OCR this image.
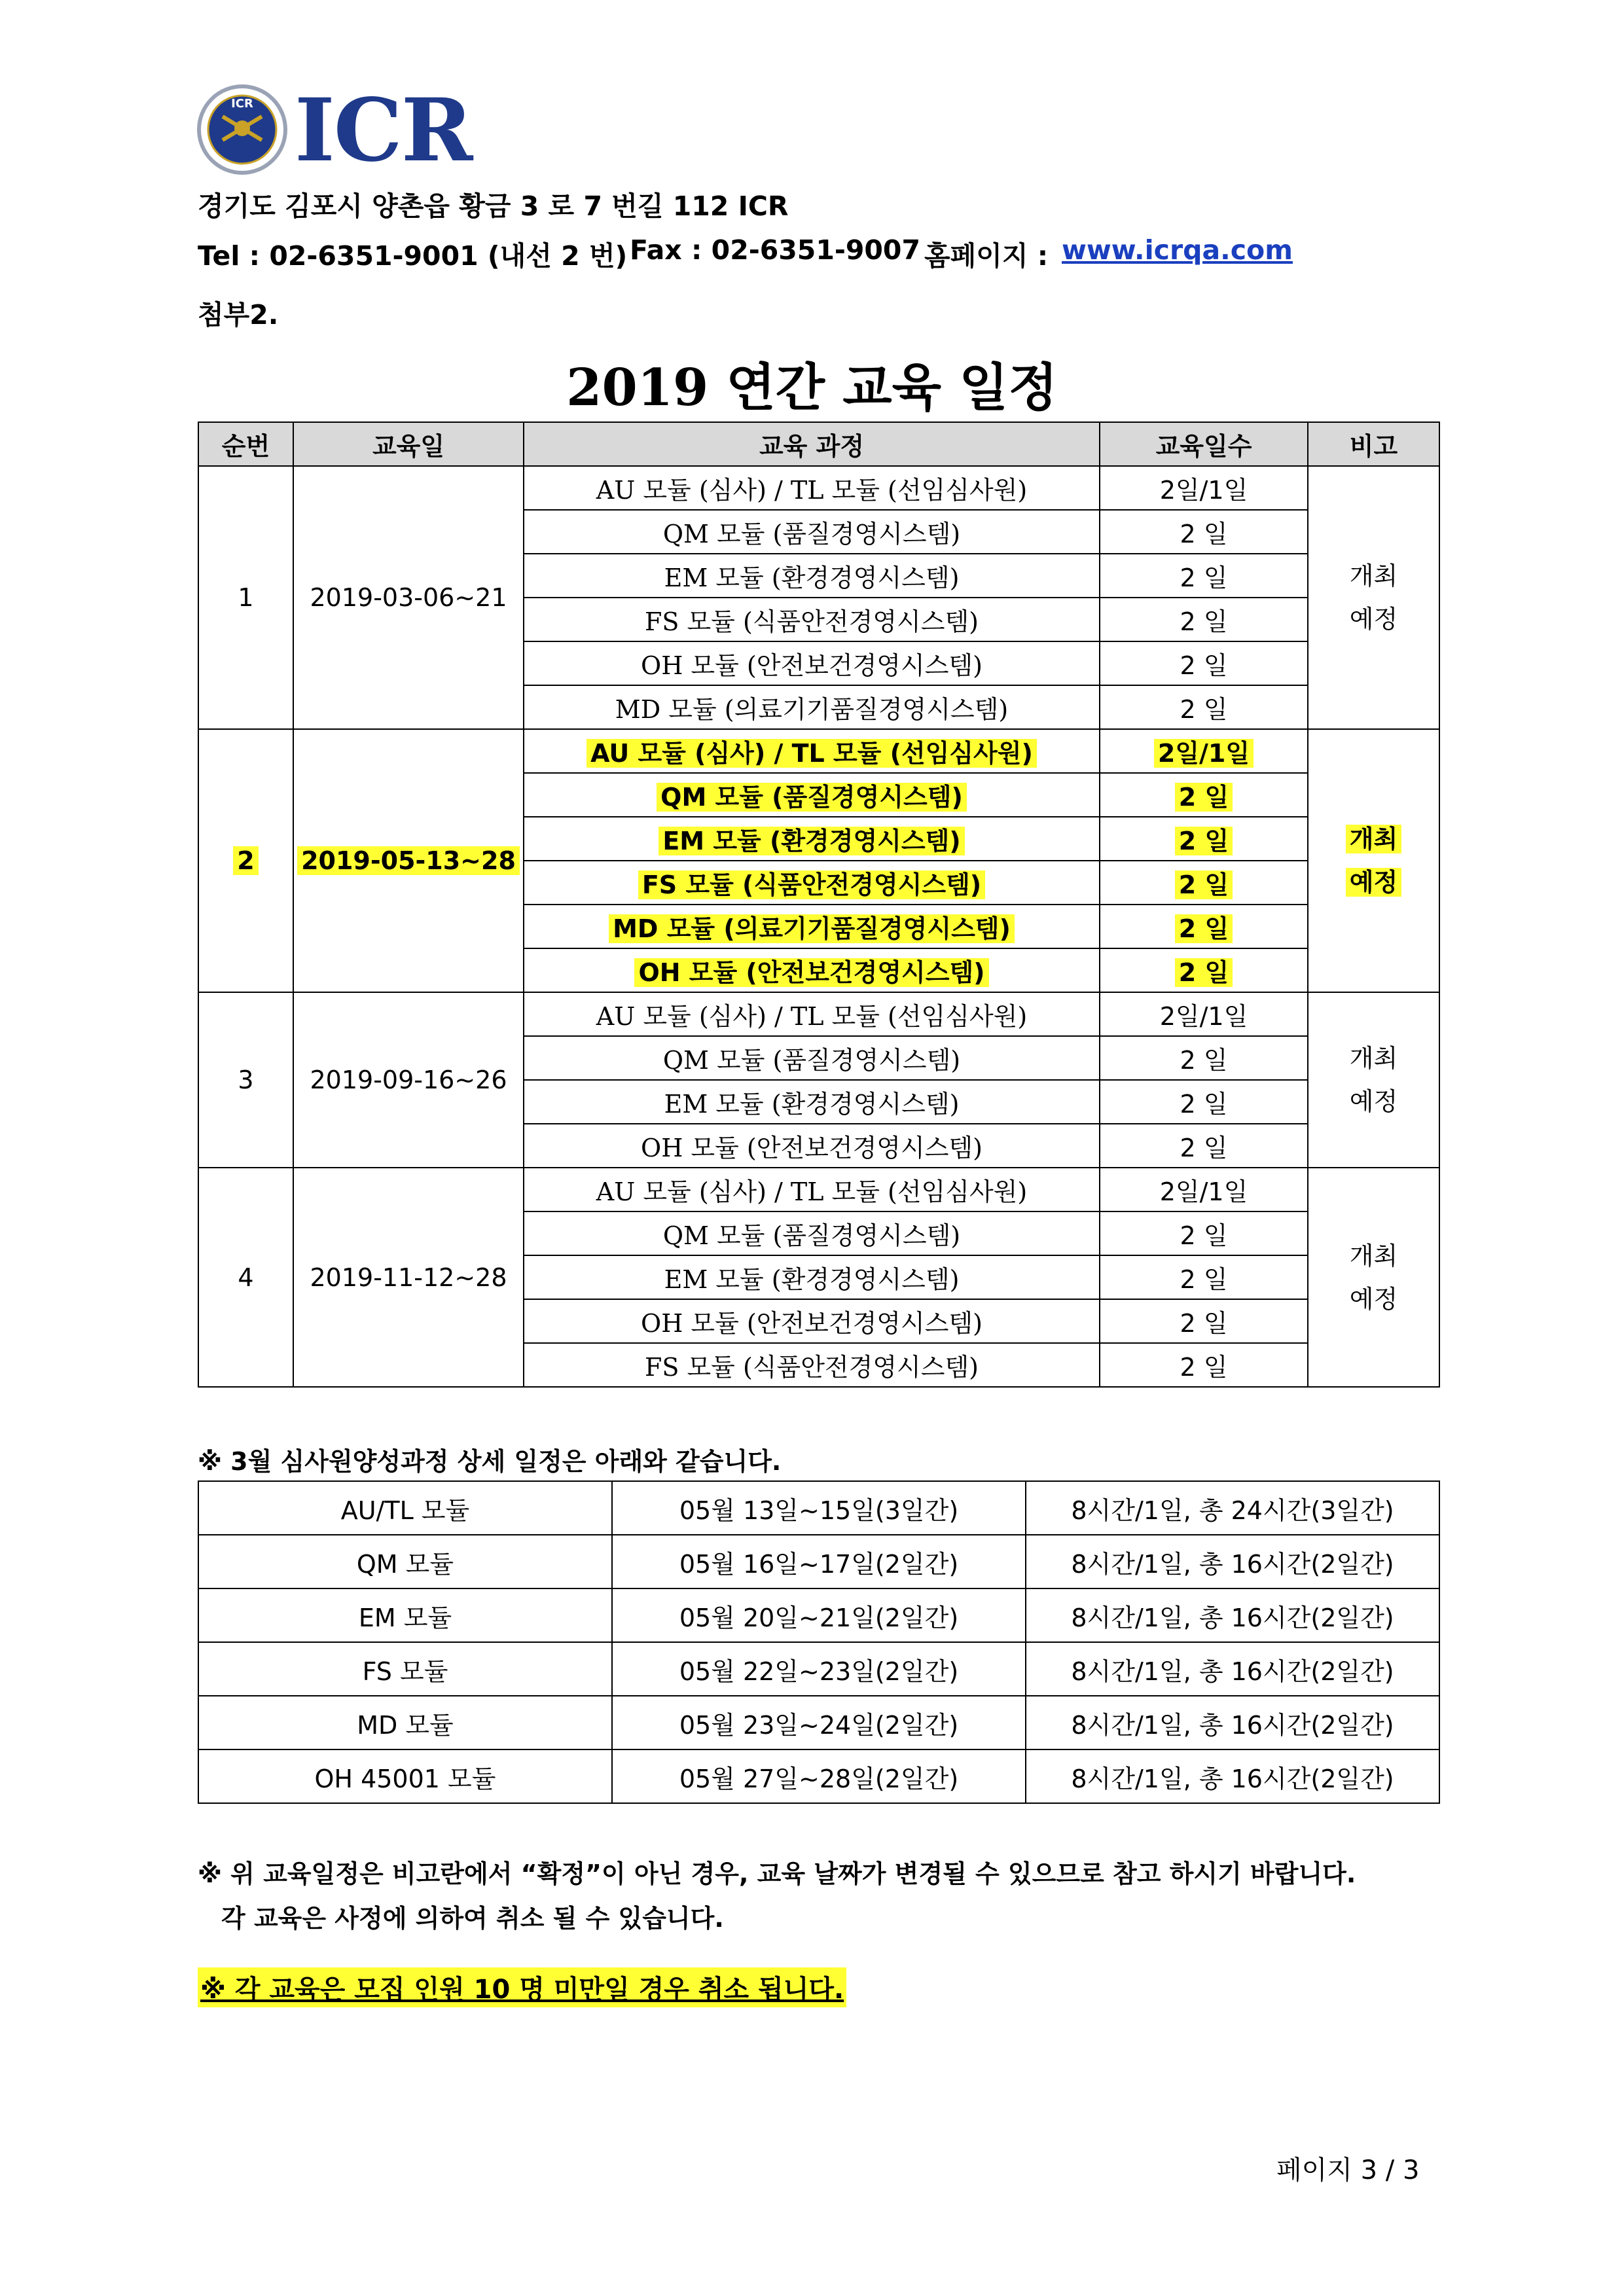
ICR ICR
경기도 김포시 양촌읍 황금 3 로 7 번길 112 ICR
Tel : 02-6351-9001 (내선 2 번) Fax : 02-6351-9007 홈페이지 : www.icrqa.com
첨부2.
2019 연간 교육 일정
순번	교육일	교육 과정	교육일수	비고
1	2019-03-06~21	AU 모듈 (심사) / TL 모듈 (선임심사원)	2일/1일	개최
예정

		QM 모듈 (품질경영시스템)	2 일	
		EM 모듈 (환경경영시스템)	2 일	
		FS 모듈 (식품안전경영시스템)	2 일	
		OH 모듈 (안전보건경영시스템)	2 일	
		MD 모듈 (의료기기품질경영시스템)	2 일	
2	2019-05-13~28	AU 모듈 (심사) / TL 모듈 (선임심사원)	2일/1일	개최
예정

		QM 모듈 (품질경영시스템)	2 일	
		EM 모듈 (환경경영시스템)	2 일	
		FS 모듈 (식품안전경영시스템)	2 일	
		MD 모듈 (의료기기품질경영시스템)	2 일	
		OH 모듈 (안전보건경영시스템)	2 일	
3	2019-09-16~26	AU 모듈 (심사) / TL 모듈 (선임심사원)	2일/1일	개최
예정

		QM 모듈 (품질경영시스템)	2 일	
		EM 모듈 (환경경영시스템)	2 일	
		OH 모듈 (안전보건경영시스템)	2 일	
4	2019-11-12~28	AU 모듈 (심사) / TL 모듈 (선임심사원)	2일/1일	개최
예정

		QM 모듈 (품질경영시스템)	2 일	
		EM 모듈 (환경경영시스템)	2 일	
		OH 모듈 (안전보건경영시스템)	2 일	
		FS 모듈 (식품안전경영시스템)	2 일	
※ 3월 심사원양성과정 상세 일정은 아래와 같습니다.
AU/TL 모듈	05월 13일~15일(3일간)	8시간/1일, 총 24시간(3일간)
QM 모듈	05월 16일~17일(2일간)	8시간/1일, 총 16시간(2일간)
EM 모듈	05월 20일~21일(2일간)	8시간/1일, 총 16시간(2일간)
FS 모듈	05월 22일~23일(2일간)	8시간/1일, 총 16시간(2일간)
MD 모듈	05월 23일~24일(2일간)	8시간/1일, 총 16시간(2일간)
OH 45001 모듈	05월 27일~28일(2일간)	8시간/1일, 총 16시간(2일간)
※ 위 교육일정은 비고란에서 “확정”이 아닌 경우, 교육 날짜가 변경될 수 있으므로 참고 하시기 바랍니다.
각 교육은 사정에 의하여 취소 될 수 있습니다.
※ 각 교육은 모집 인원 10 명 미만일 경우 취소 됩니다.
페이지 3 / 3
